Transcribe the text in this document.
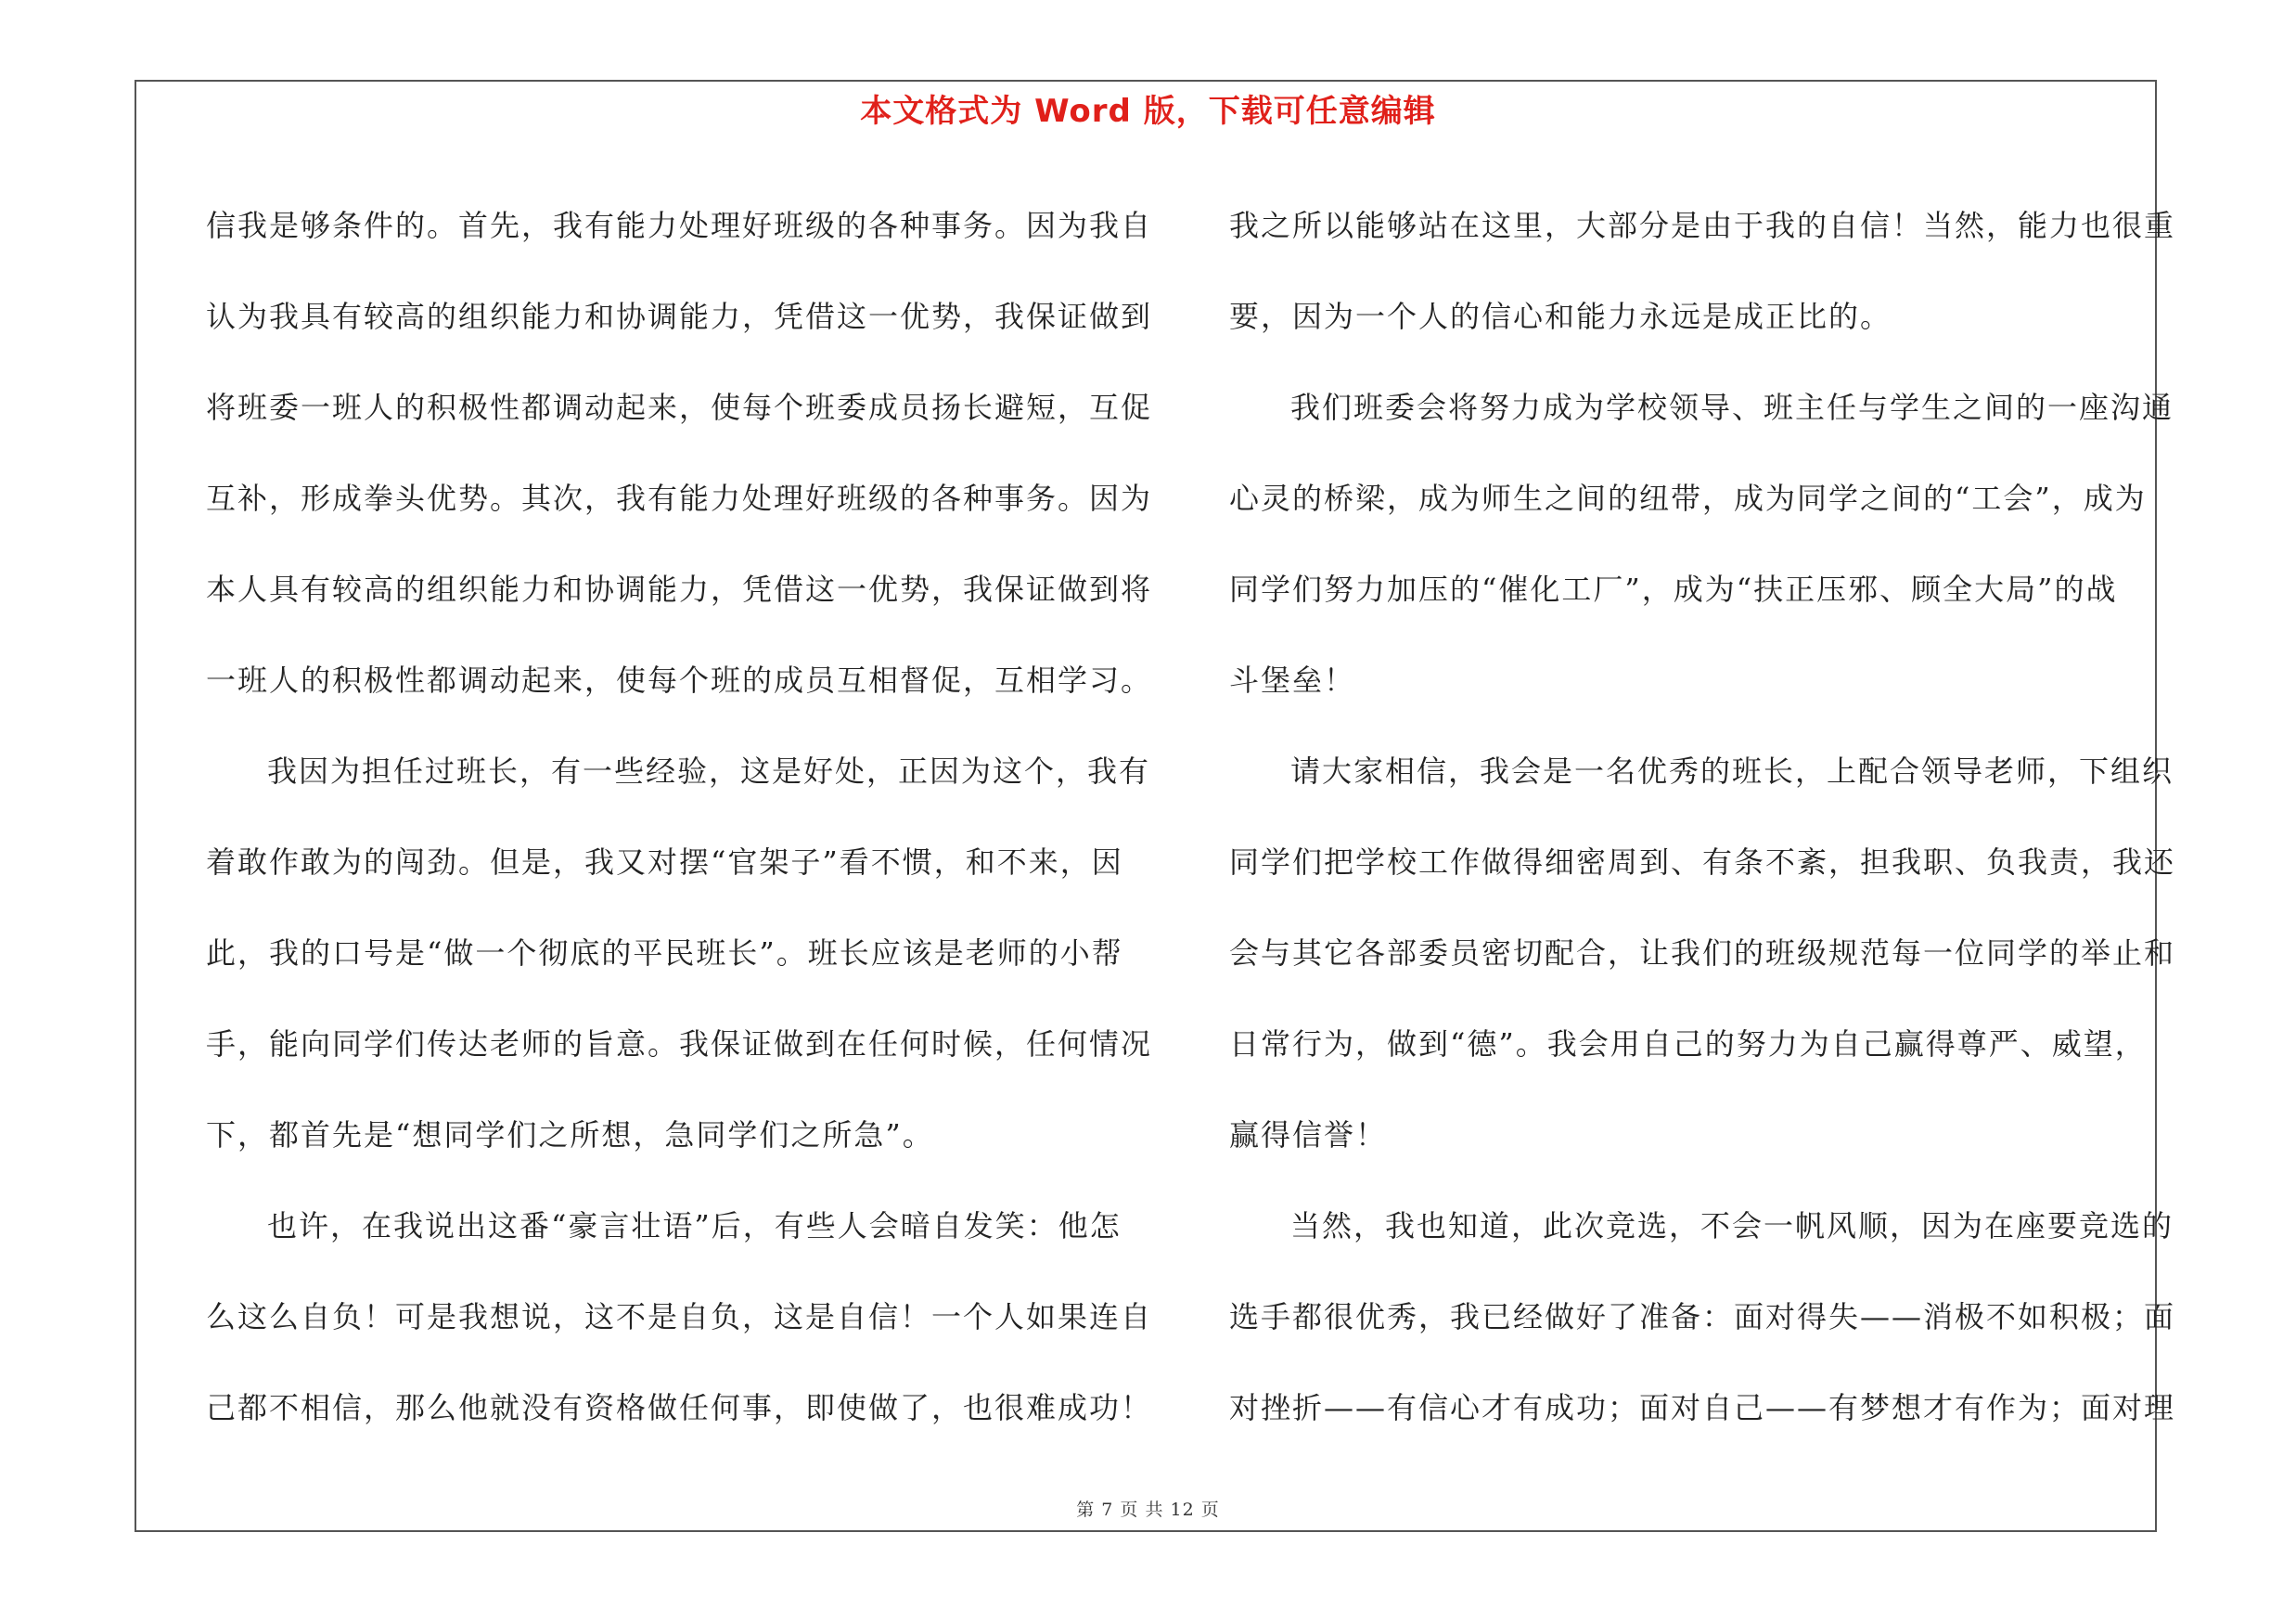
本文格式为 Word 版，下载可任意编辑
信我是够条件的。首先，我有能力处理好班级的各种事务。因为我自
认为我具有较高的组织能力和协调能力，凭借这一优势，我保证做到
将班委一班人的积极性都调动起来，使每个班委成员扬长避短，互促
互补，形成拳头优势。其次，我有能力处理好班级的各种事务。因为
本人具有较高的组织能力和协调能力，凭借这一优势，我保证做到将
一班人的积极性都调动起来，使每个班的成员互相督促，互相学习。
我因为担任过班长，有一些经验，这是好处，正因为这个，我有
着敢作敢为的闯劲。但是，我又对摆“官架子”看不惯，和不来，因
此，我的口号是“做一个彻底的平民班长”。班长应该是老师的小帮
手，能向同学们传达老师的旨意。我保证做到在任何时候，任何情况
下，都首先是“想同学们之所想，急同学们之所急”。
也许，在我说出这番“豪言壮语”后，有些人会暗自发笑：他怎
么这么自负！可是我想说，这不是自负，这是自信！一个人如果连自
己都不相信，那么他就没有资格做任何事，即使做了，也很难成功！
我之所以能够站在这里，大部分是由于我的自信！当然，能力也很重
要，因为一个人的信心和能力永远是成正比的。
我们班委会将努力成为学校领导、班主任与学生之间的一座沟通
心灵的桥梁，成为师生之间的纽带，成为同学之间的“工会”，成为
同学们努力加压的“催化工厂”，成为“扶正压邪、顾全大局”的战
斗堡垒！
请大家相信，我会是一名优秀的班长，上配合领导老师，下组织
同学们把学校工作做得细密周到、有条不紊，担我职、负我责，我还
会与其它各部委员密切配合，让我们的班级规范每一位同学的举止和
日常行为，做到“德”。我会用自己的努力为自己赢得尊严、威望，
赢得信誉！
当然，我也知道，此次竞选，不会一帆风顺，因为在座要竞选的
选手都很优秀，我已经做好了准备：面对得失——消极不如积极；面
对挫折——有信心才有成功；面对自己——有梦想才有作为；面对理
第 7 页 共 12 页
